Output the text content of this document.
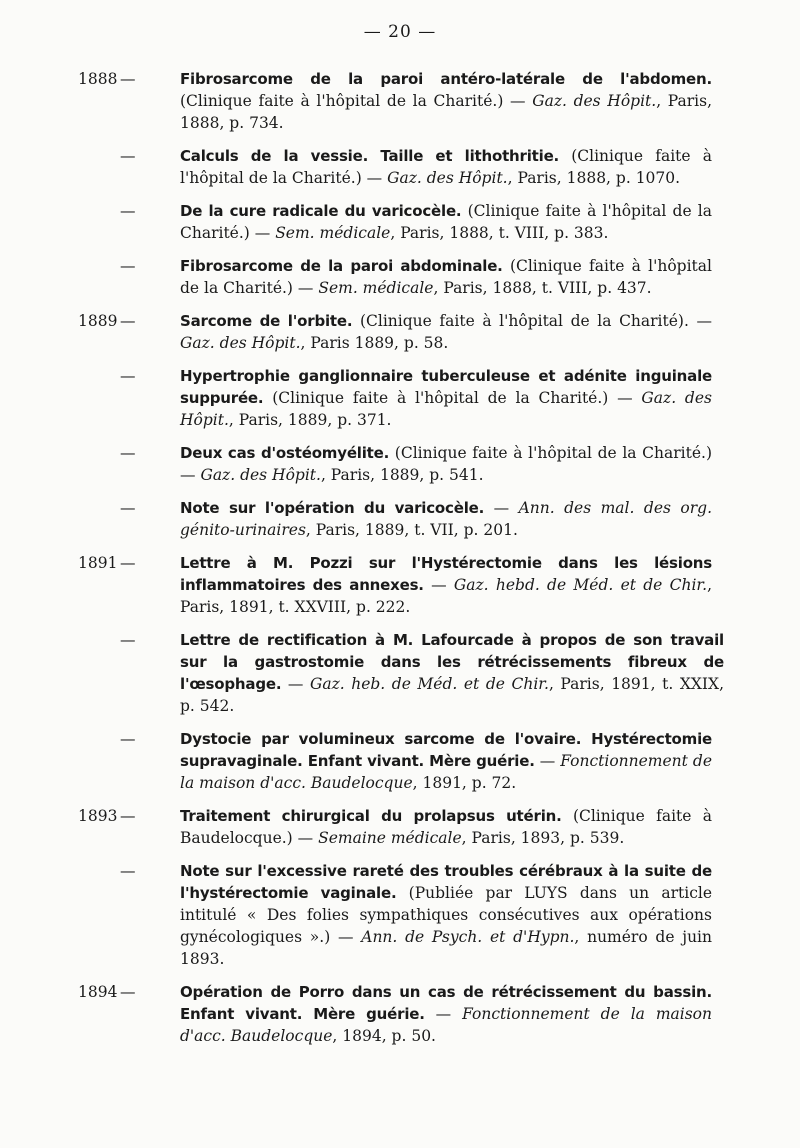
— 20 —
1888 —	Fibrosarcome de la paroi antéro-latérale de l'abdomen. (Clinique faite à l'hôpital de la Charité.) — Gaz. des Hôpit., Paris, 1888, p. 734.
—	Calculs de la vessie. Taille et lithothritie. (Clinique faite à l'hôpital de la Charité.) — Gaz. des Hôpit., Paris, 1888, p. 1070.
—	De la cure radicale du varicocèle. (Clinique faite à l'hôpital de la Charité.) — Sem. médicale, Paris, 1888, t. VIII, p. 383.
—	Fibrosarcome de la paroi abdominale. (Clinique faite à l'hôpital de la Charité.) — Sem. médicale, Paris, 1888, t. VIII, p. 437.
1889 —	Sarcome de l'orbite. (Clinique faite à l'hôpital de la Charité). — Gaz. des Hôpit., Paris 1889, p. 58.
—	Hypertrophie ganglionnaire tuberculeuse et adénite inguinale suppurée. (Clinique faite à l'hôpital de la Charité.) — Gaz. des Hôpit., Paris, 1889, p. 371.
—	Deux cas d'ostéomyélite. (Clinique faite à l'hôpital de la Charité.) — Gaz. des Hôpit., Paris, 1889, p. 541.
—	Note sur l'opération du varicocèle. — Ann. des mal. des org. génito-urinaires, Paris, 1889, t. VII, p. 201.
1891 —	Lettre à M. Pozzi sur l'Hystérectomie dans les lésions inflammatoires des annexes. — Gaz. hebd. de Méd. et de Chir., Paris, 1891, t. XXVIII, p. 222.
—	Lettre de rectification à M. Lafourcade à propos de son travail sur la gastrostomie dans les rétrécissements fibreux de l'œsophage. — Gaz. heb. de Méd. et de Chir., Paris, 1891, t. XXIX, p. 542.
—	Dystocie par volumineux sarcome de l'ovaire. Hystérectomie supravaginale. Enfant vivant. Mère guérie. — Fonctionnement de la maison d'acc. Baudelocque, 1891, p. 72.
1893 —	Traitement chirurgical du prolapsus utérin. (Clinique faite à Baudelocque.) — Semaine médicale, Paris, 1893, p. 539.
—	Note sur l'excessive rareté des troubles cérébraux à la suite de l'hystérectomie vaginale. (Publiée par LUYS dans un article intitulé « Des folies sympathiques consécutives aux opérations gynécologiques ».) — Ann. de Psych. et d'Hypn., numéro de juin 1893.
1894 —	Opération de Porro dans un cas de rétrécissement du bassin. Enfant vivant. Mère guérie. — Fonctionnement de la maison d'acc. Baudelocque, 1894, p. 50.
